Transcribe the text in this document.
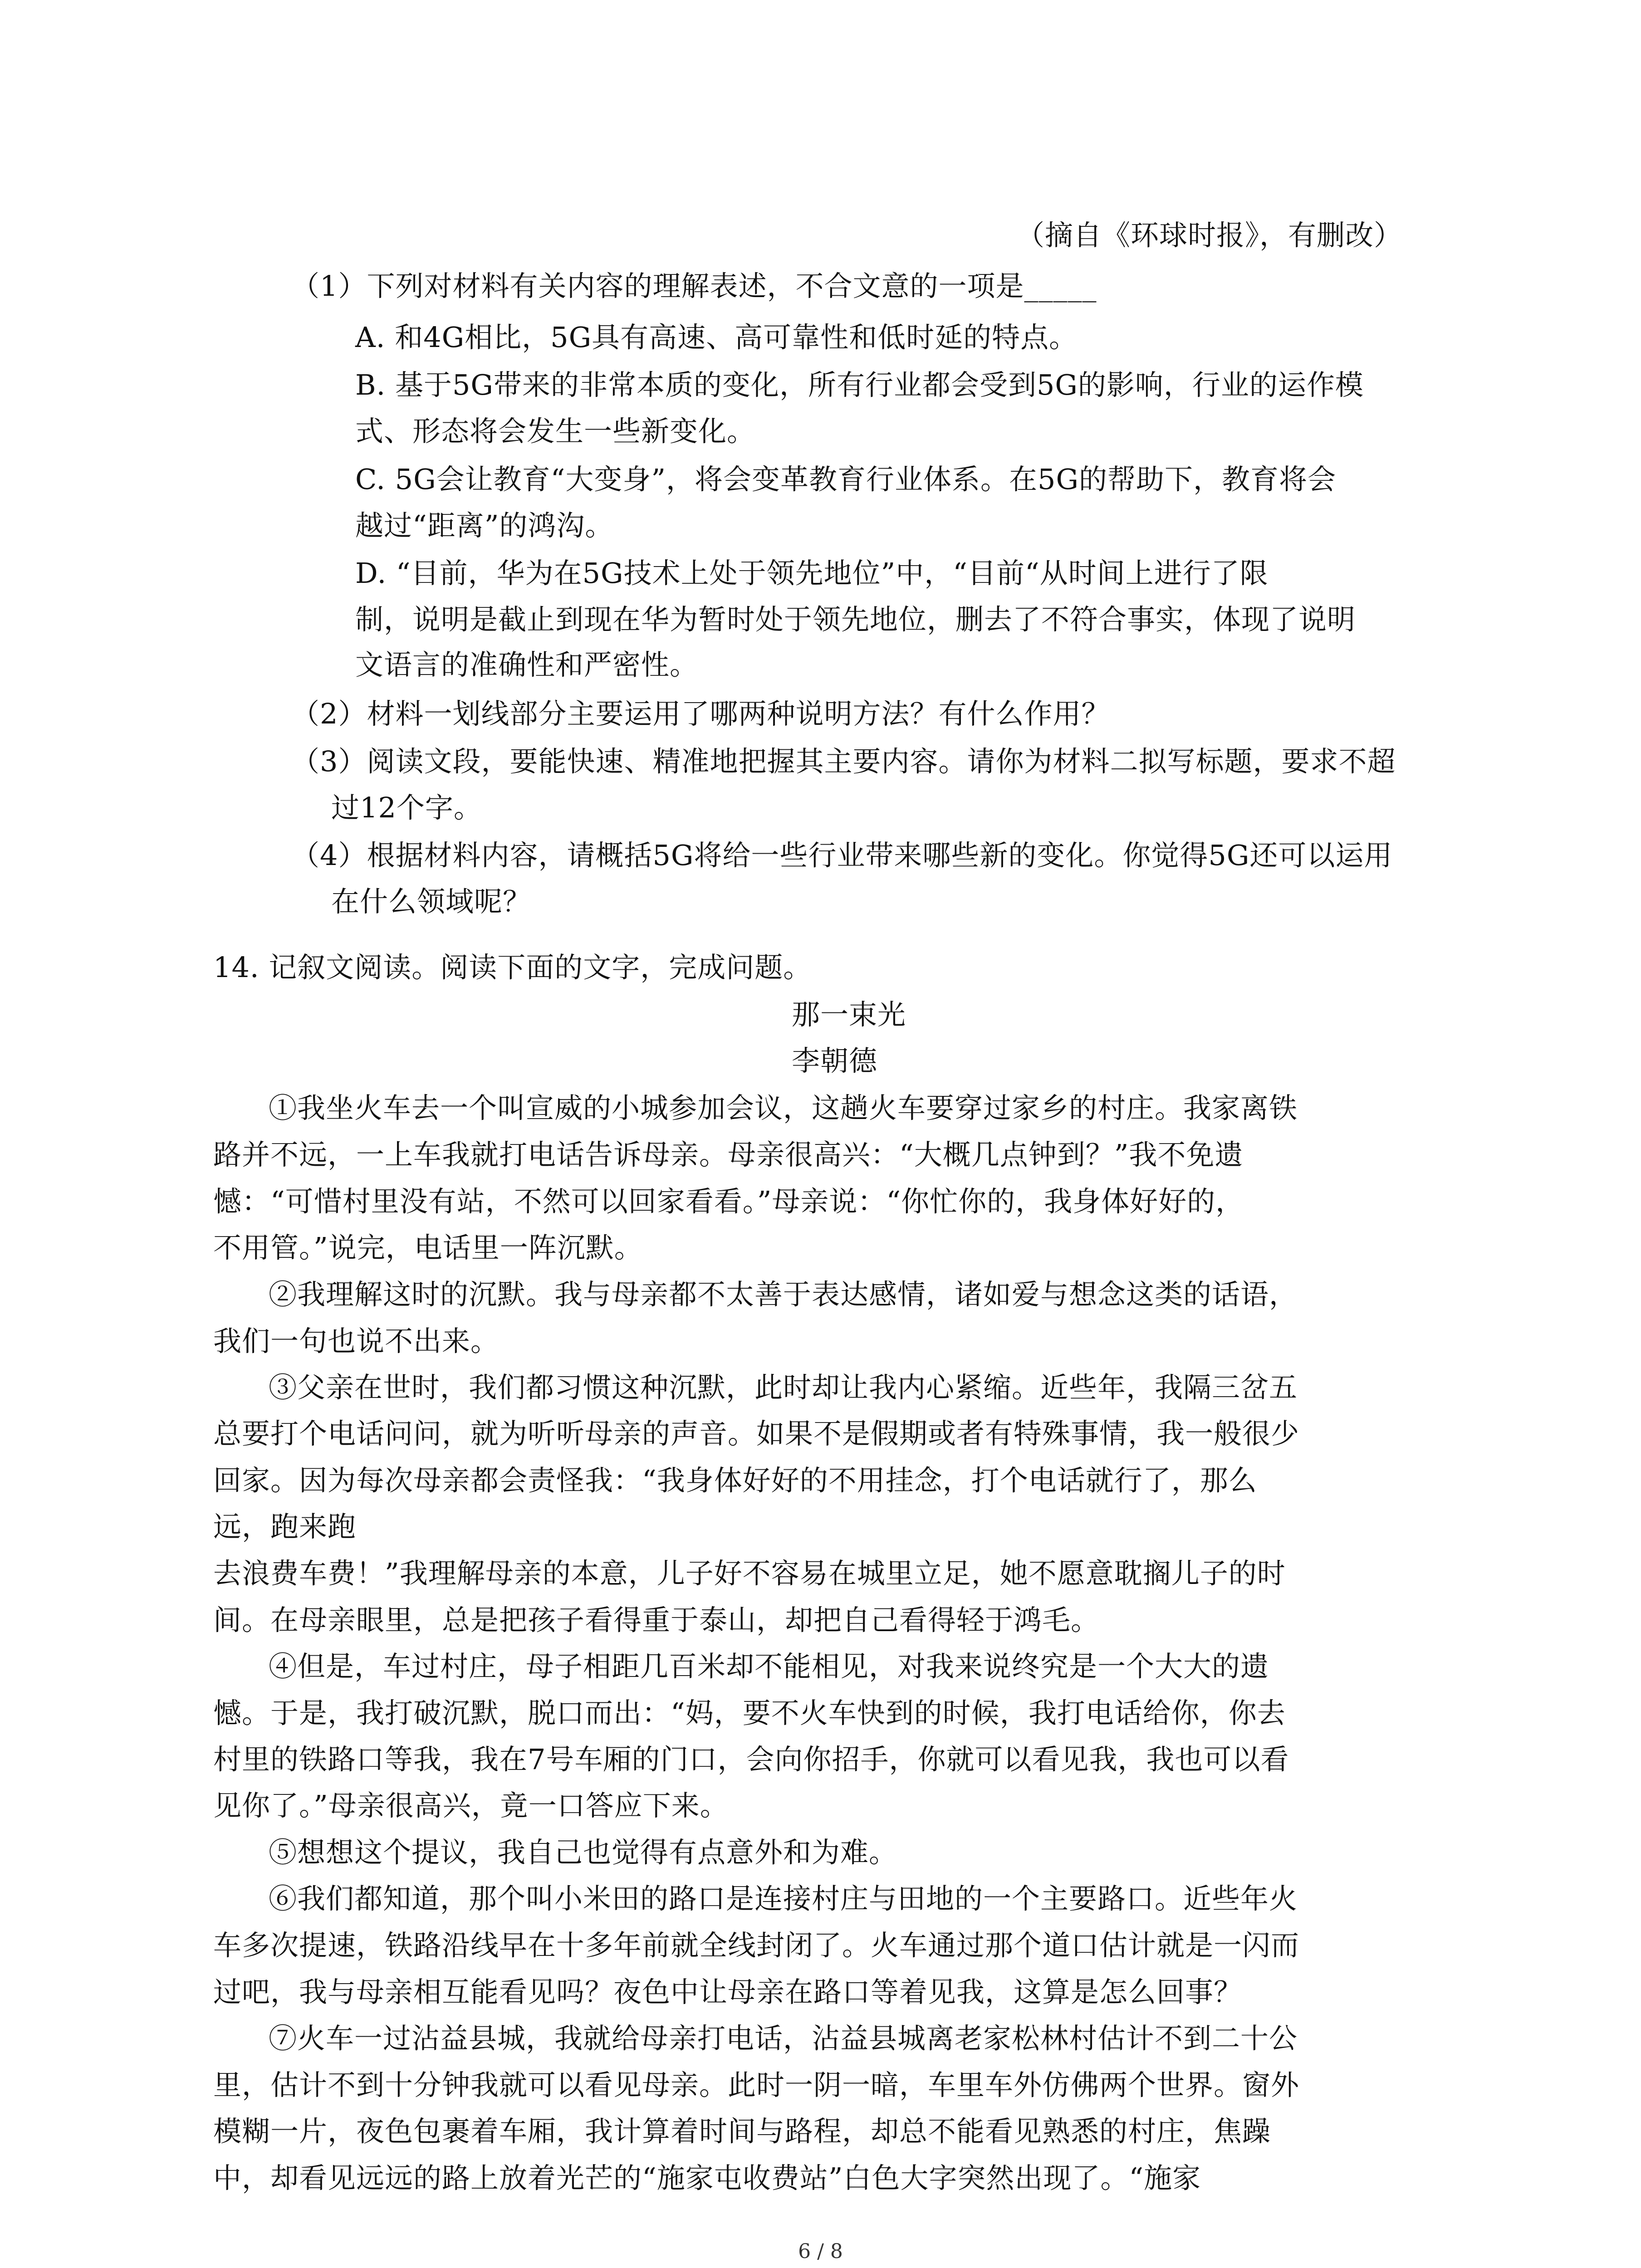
（摘自《环球时报》，有删改）
（1）下列对材料有关内容的理解表述，不合文意的一项是_____
A. 和4G相比，5G具有高速、高可靠性和低时延的特点。
B. 基于5G带来的非常本质的变化，所有行业都会受到5G的影响，行业的运作模
式、形态将会发生一些新变化。
C. 5G会让教育“大变身”，将会变革教育行业体系。在5G的帮助下，教育将会
越过“距离”的鸿沟。
D. “目前，华为在5G技术上处于领先地位”中，“目前“从时间上进行了限
制，说明是截止到现在华为暂时处于领先地位，删去了不符合事实，体现了说明
文语言的准确性和严密性。
（2）材料一划线部分主要运用了哪两种说明方法？有什么作用？
（3）阅读文段，要能快速、精准地把握其主要内容。请你为材料二拟写标题，要求不超
过12个字。
（4）根据材料内容，请概括5G将给一些行业带来哪些新的变化。你觉得5G还可以运用
在什么领域呢？
14. 记叙文阅读。阅读下面的文字，完成问题。
那一束光
李朝德
①我坐火车去一个叫宣威的小城参加会议，这趟火车要穿过家乡的村庄。我家离铁
路并不远，一上车我就打电话告诉母亲。母亲很高兴：“大概几点钟到？”我不免遗
憾：“可惜村里没有站，不然可以回家看看。”母亲说：“你忙你的，我身体好好的，
不用管。”说完，电话里一阵沉默。
②我理解这时的沉默。我与母亲都不太善于表达感情，诸如爱与想念这类的话语，
我们一句也说不出来。
③父亲在世时，我们都习惯这种沉默，此时却让我内心紧缩。近些年，我隔三岔五
总要打个电话问问，就为听听母亲的声音。如果不是假期或者有特殊事情，我一般很少
回家。因为每次母亲都会责怪我：“我身体好好的不用挂念，打个电话就行了，那么
远，跑来跑
去浪费车费！”我理解母亲的本意，儿子好不容易在城里立足，她不愿意耽搁儿子的时
间。在母亲眼里，总是把孩子看得重于泰山，却把自己看得轻于鸿毛。
④但是，车过村庄，母子相距几百米却不能相见，对我来说终究是一个大大的遗
憾。于是，我打破沉默，脱口而出：“妈，要不火车快到的时候，我打电话给你，你去
村里的铁路口等我，我在7号车厢的门口，会向你招手，你就可以看见我，我也可以看
见你了。”母亲很高兴，竟一口答应下来。
⑤想想这个提议，我自己也觉得有点意外和为难。
⑥我们都知道，那个叫小米田的路口是连接村庄与田地的一个主要路口。近些年火
车多次提速，铁路沿线早在十多年前就全线封闭了。火车通过那个道口估计就是一闪而
过吧，我与母亲相互能看见吗？夜色中让母亲在路口等着见我，这算是怎么回事？
⑦火车一过沾益县城，我就给母亲打电话，沾益县城离老家松林村估计不到二十公
里，估计不到十分钟我就可以看见母亲。此时一阴一暗，车里车外仿佛两个世界。窗外
模糊一片，夜色包裹着车厢，我计算着时间与路程，却总不能看见熟悉的村庄，焦躁
中，却看见远远的路上放着光芒的“施家屯收费站”白色大字突然出现了。“施家
6 / 8
